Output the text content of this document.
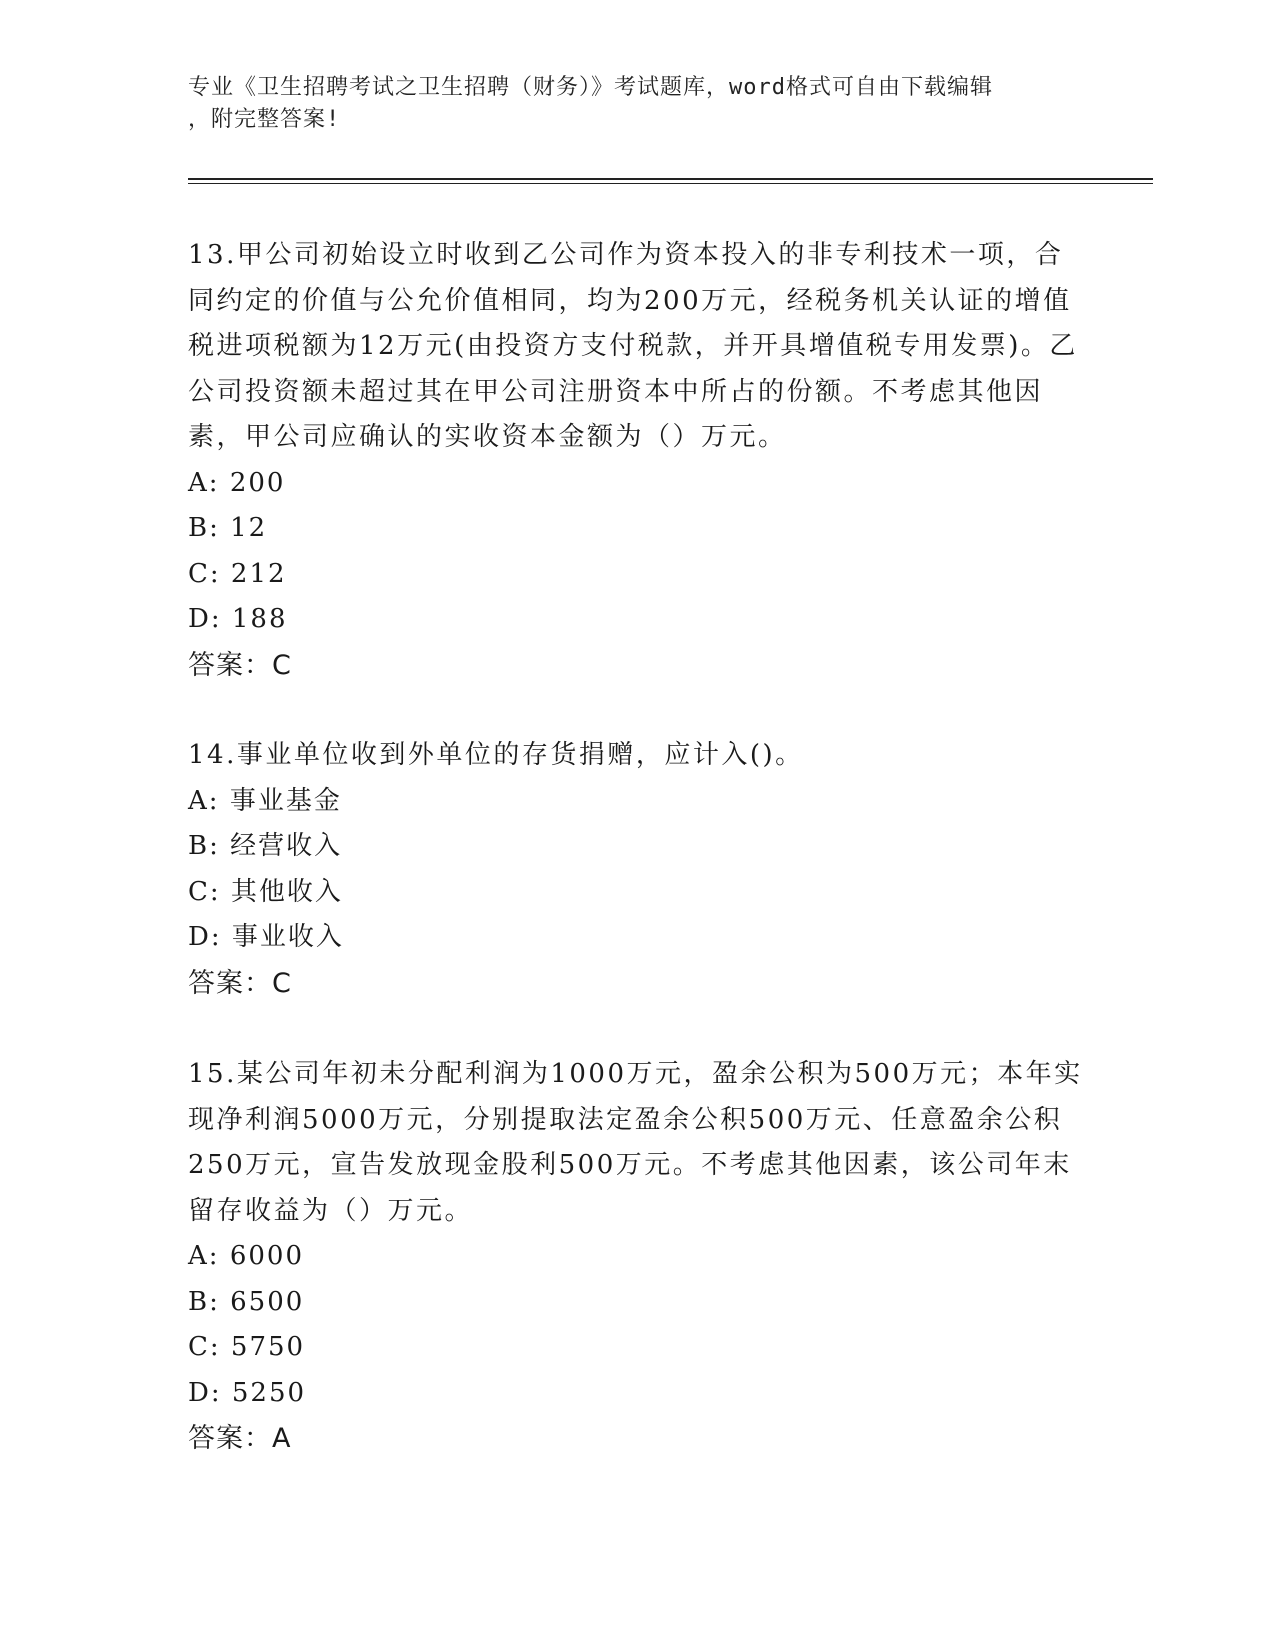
专业《卫生招聘考试之卫生招聘（财务）》考试题库，word格式可自由下载编辑
，附完整答案!

13.甲公司初始设立时收到乙公司作为资本投入的非专利技术一项，合同约定的价值与公允价值相同，均为200万元，经税务机关认证的增值税进项税额为12万元(由投资方支付税款，并开具增值税专用发票)。乙公司投资额未超过其在甲公司注册资本中所占的份额。不考虑其他因素，甲公司应确认的实收资本金额为（）万元。

A: 200

B: 12

C: 212

D: 188

答案：C

14.事业单位收到外单位的存货捐赠，应计入()。

A: 事业基金

B: 经营收入

C: 其他收入

D: 事业收入

答案：C

15.某公司年初未分配利润为1000万元，盈余公积为500万元；本年实现净利润5000万元，分别提取法定盈余公积500万元、任意盈余公积250万元，宣告发放现金股利500万元。不考虑其他因素，该公司年末留存收益为（）万元。

A: 6000

B: 6500

C: 5750

D: 5250

答案：A
